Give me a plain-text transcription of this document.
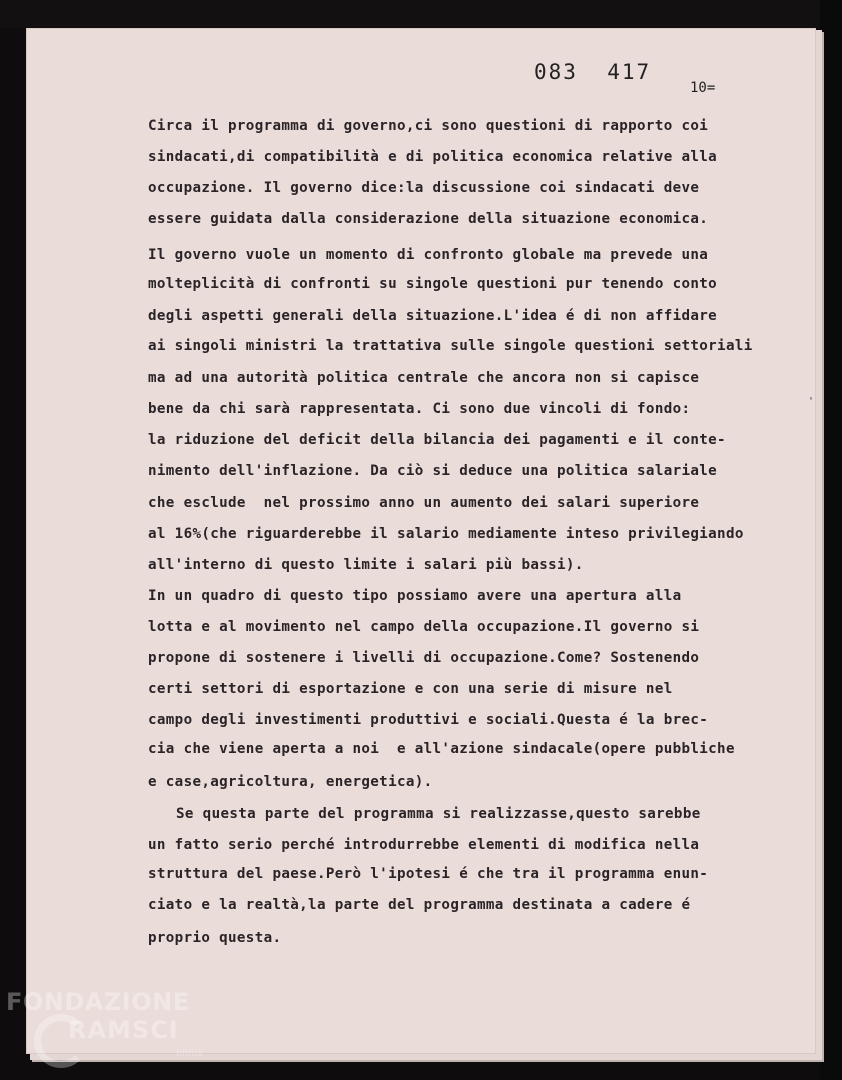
083  417
10=
Circa il programma di governo,ci sono questioni di rapporto coi
sindacati,di compatibilità e di politica economica relative alla
occupazione. Il governo dice:la discussione coi sindacati deve
essere guidata dalla considerazione della situazione economica.
Il governo vuole un momento di confronto globale ma prevede una
molteplicità di confronti su singole questioni pur tenendo conto
degli aspetti generali della situazione.L'idea é di non affidare
ai singoli ministri la trattativa sulle singole questioni settoriali
ma ad una autorità politica centrale che ancora non si capisce
bene da chi sarà rappresentata. Ci sono due vincoli di fondo:
la riduzione del deficit della bilancia dei pagamenti e il conte-
nimento dell'inflazione. Da ciò si deduce una politica salariale
che esclude  nel prossimo anno un aumento dei salari superiore
al 16%(che riguarderebbe il salario mediamente inteso privilegiando
all'interno di questo limite i salari più bassi).
In un quadro di questo tipo possiamo avere una apertura alla
lotta e al movimento nel campo della occupazione.Il governo si
propone di sostenere i livelli di occupazione.Come? Sostenendo
certi settori di esportazione e con una serie di misure nel
campo degli investimenti produttivi e sociali.Questa é la brec-
cia che viene aperta a noi  e all'azione sindacale(opere pubbliche
e case,agricoltura, energetica).
Se questa parte del programma si realizzasse,questo sarebbe
un fatto serio perché introdurrebbe elementi di modifica nella
struttura del paese.Però l'ipotesi é che tra il programma enun-
ciato e la realtà,la parte del programma destinata a cadere é
proprio questa.
'
FONDAZIONE
RAMSCI
onlus
